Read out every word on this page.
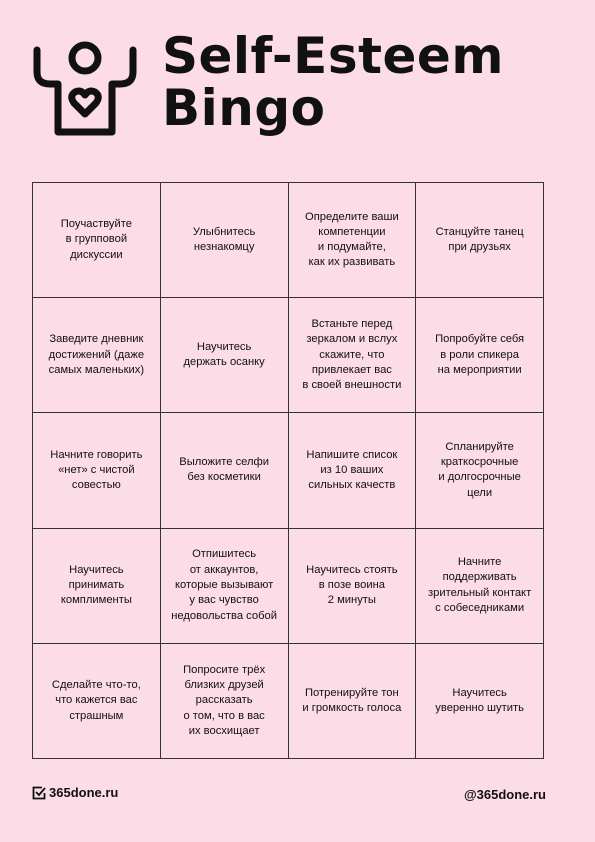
Self-Esteem
Bingo
Поучаствуйте
в групповой
дискуссии
Улыбнитесь
незнакомцу
Определите ваши
компетенции
и подумайте,
как их развивать
Станцуйте танец
при друзьях
Заведите дневник
достижений (даже
самых маленьких)
Научитесь
держать осанку
Встаньте перед
зеркалом и вслух
скажите, что
привлекает вас
в своей внешности
Попробуйте себя
в роли спикера
на мероприятии
Начните говорить
«нет» с чистой
совестью
Выложите селфи
без косметики
Напишите список
из 10 ваших
сильных качеств
Спланируйте
краткосрочные
и долгосрочные
цели
Научитесь
принимать
комплименты
Отпишитесь
от аккаунтов,
которые вызывают
у вас чувство
недовольства собой
Научитесь стоять
в позе воина
2 минуты
Начните
поддерживать
зрительный контакт
с собеседниками
Сделайте что-то,
что кажется вас
страшным
Попросите трёх
близких друзей
рассказать
о том, что в вас
их восхищает
Потренируйте тон
и громкость голоса
Научитесь
уверенно шутить
365done.ru	@365done.ru
